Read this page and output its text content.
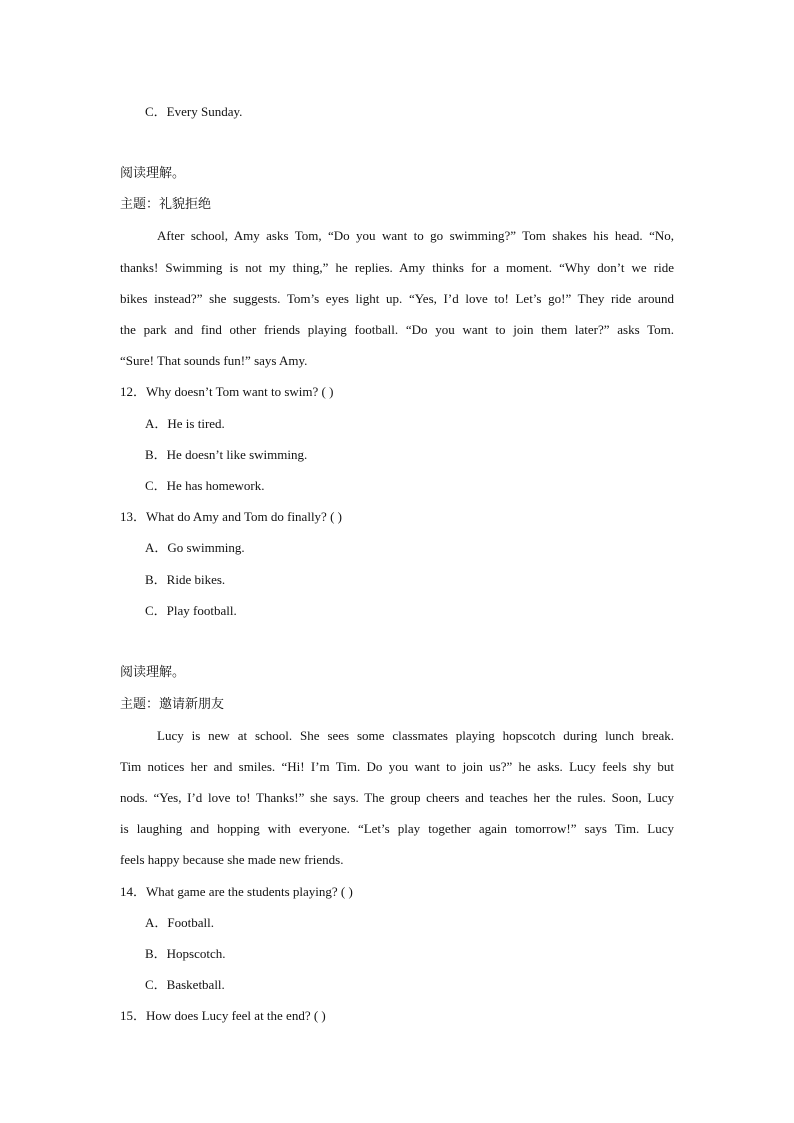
C．Every Sunday.
阅读理解。
主题：礼貌拒绝
After school, Amy asks Tom, “Do you want to go swimming?” Tom shakes his head. “No,
thanks! Swimming is not my thing,” he replies. Amy thinks for a moment. “Why don’t we ride
bikes instead?” she suggests. Tom’s eyes light up. “Yes, I’d love to! Let’s go!” They ride around
the park and find other friends playing football. “Do you want to join them later?” asks Tom.
“Sure! That sounds fun!” says Amy.
12．Why doesn’t Tom want to swim? ( )
A．He is tired.
B．He doesn’t like swimming.
C．He has homework.
13．What do Amy and Tom do finally? ( )
A．Go swimming.
B．Ride bikes.
C．Play football.
阅读理解。
主题：邀请新朋友
Lucy is new at school. She sees some classmates playing hopscotch during lunch break.
Tim notices her and smiles. “Hi! I’m Tim. Do you want to join us?” he asks. Lucy feels shy but
nods. “Yes, I’d love to! Thanks!” she says. The group cheers and teaches her the rules. Soon, Lucy
is laughing and hopping with everyone. “Let’s play together again tomorrow!” says Tim. Lucy
feels happy because she made new friends.
14．What game are the students playing? ( )
A．Football.
B．Hopscotch.
C．Basketball.
15．How does Lucy feel at the end? ( )
